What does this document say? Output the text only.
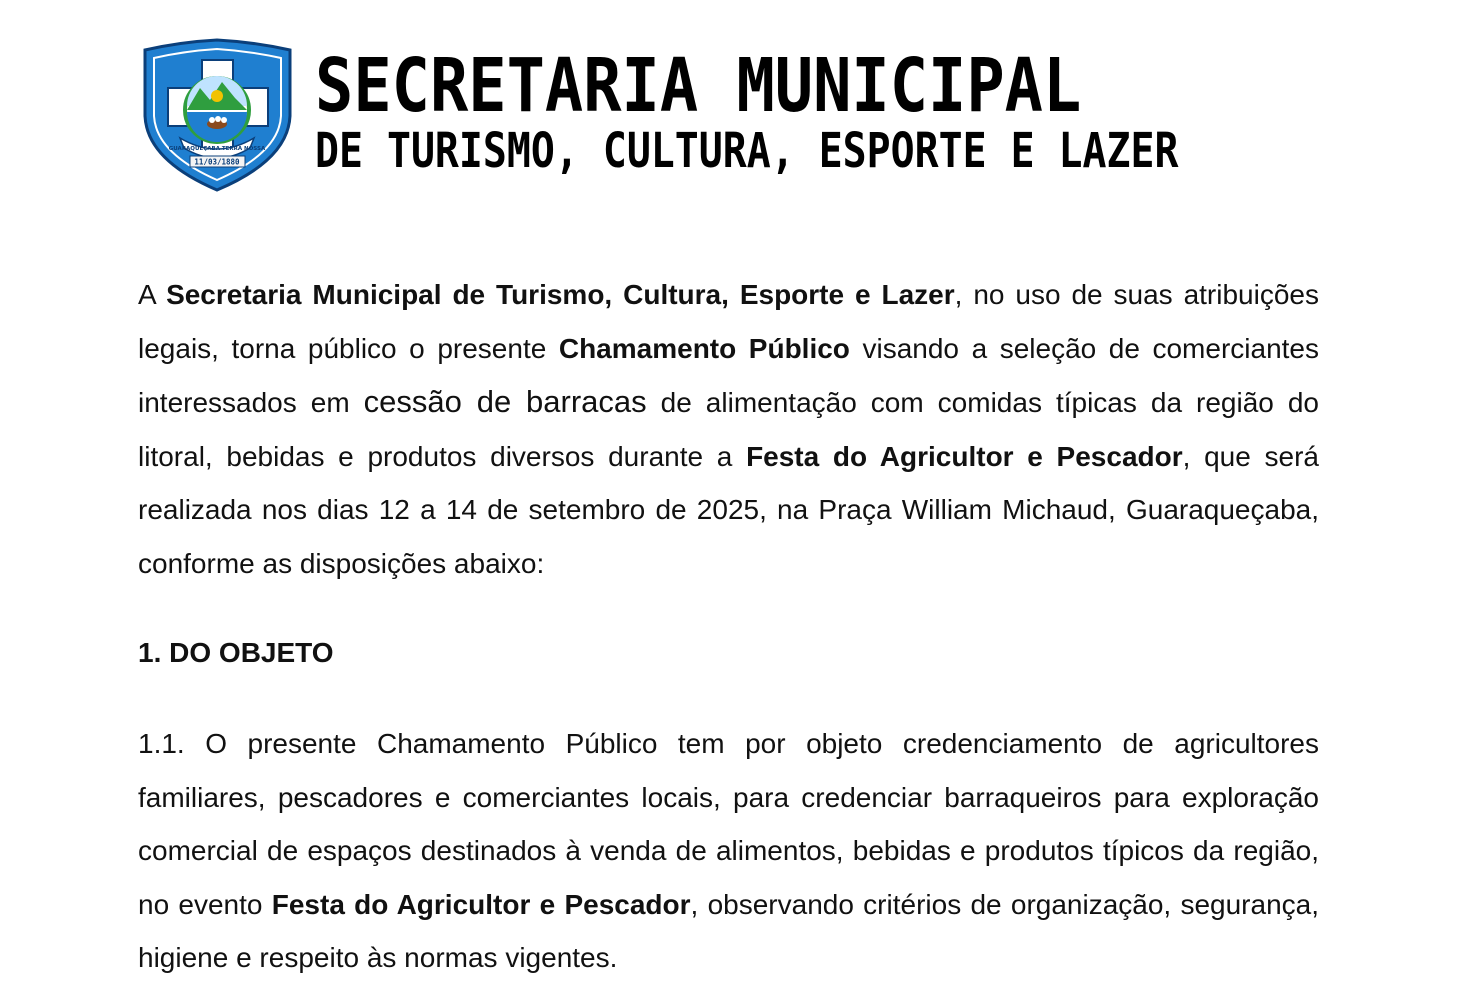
GUARAQUEÇABA TERRA NOSSA
11/03/1880
SECRETARIA MUNICIPAL
DE TURISMO, CULTURA, ESPORTE E LAZER

A Secretaria Municipal de Turismo, Cultura, Esporte e Lazer, no uso de suas atribuições legais, torna público o presente Chamamento Público visando a seleção de comerciantes interessados em cessão de barracas de alimentação com comidas típicas da região do litoral, bebidas e produtos diversos durante a Festa do Agricultor e Pescador, que será realizada nos dias 12 a 14 de setembro de 2025, na Praça William Michaud, Guaraqueçaba, conforme as disposições abaixo:

1. DO OBJETO

1.1. O presente Chamamento Público tem por objeto credenciamento de agricultores familiares, pescadores e comerciantes locais, para credenciar barraqueiros para exploração comercial de espaços destinados à venda de alimentos, bebidas e produtos típicos da região, no evento Festa do Agricultor e Pescador, observando critérios de organização, segurança, higiene e respeito às normas vigentes.
